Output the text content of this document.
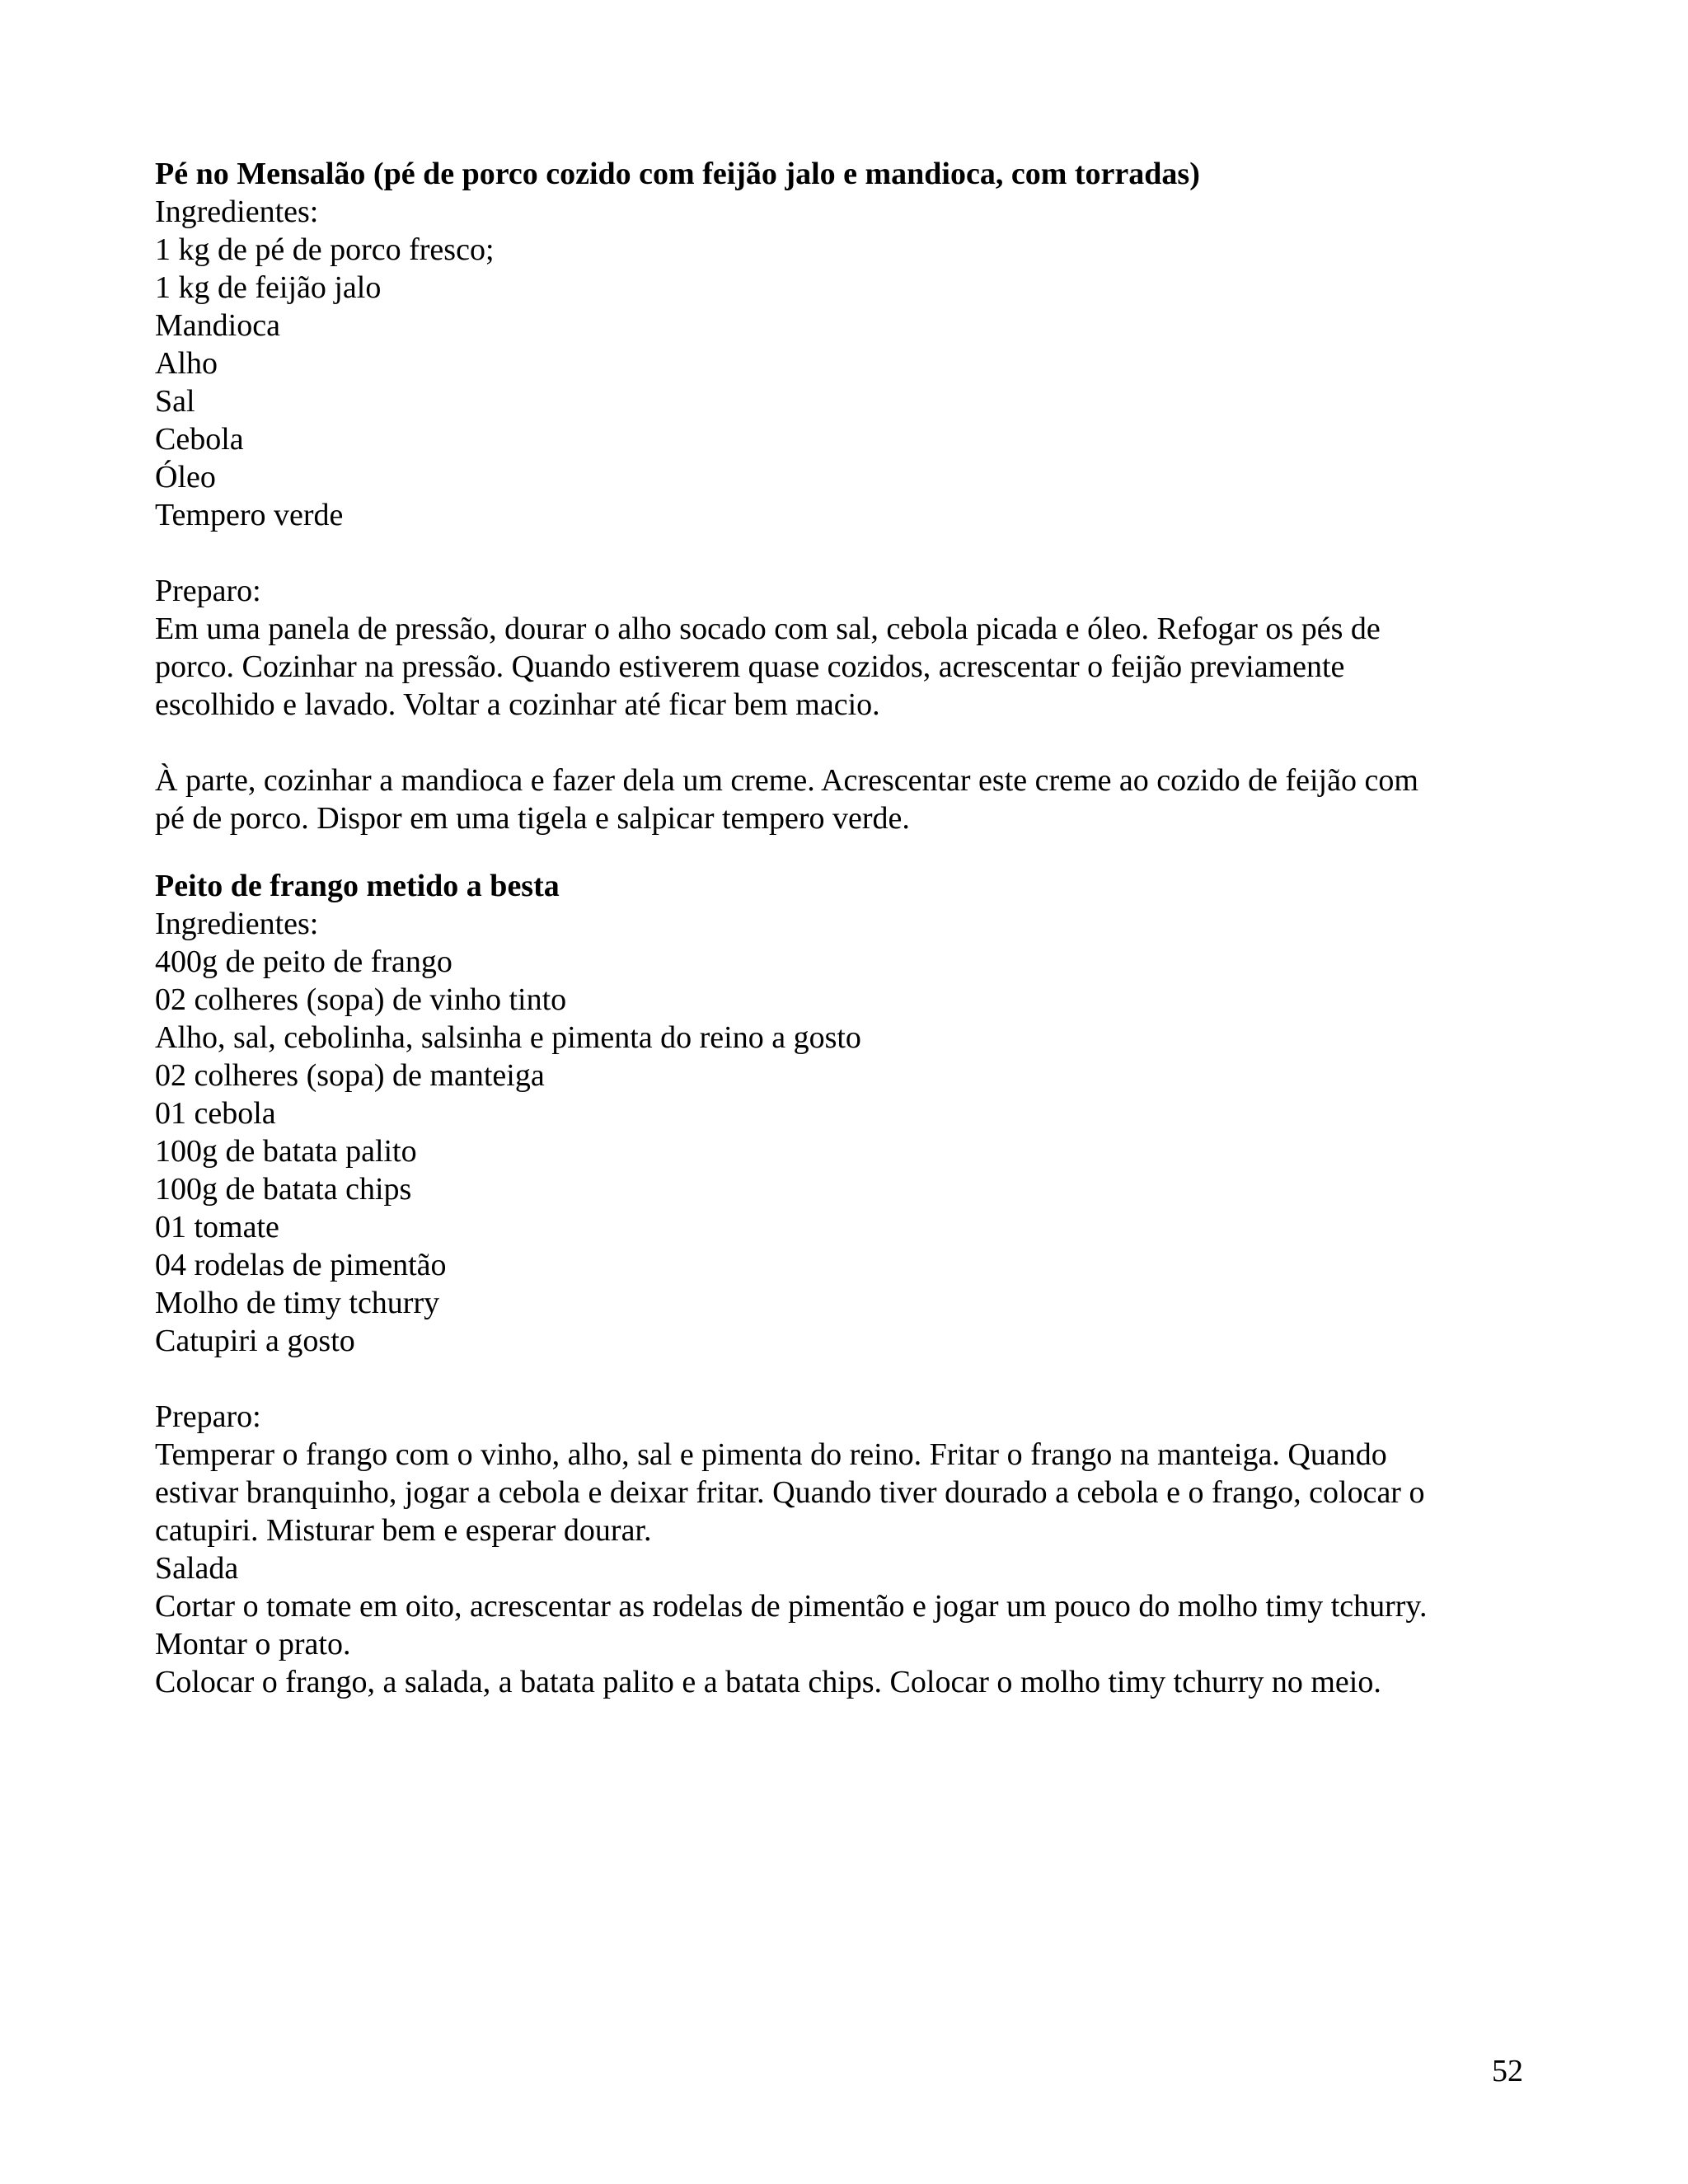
Pé no Mensalão (pé de porco cozido com feijão jalo e mandioca, com torradas)
Ingredientes:
1 kg de pé de porco fresco;
1 kg de feijão jalo
Mandioca
Alho
Sal
Cebola
Óleo
Tempero verde
Preparo:
Em uma panela de pressão, dourar o alho socado com sal, cebola picada e óleo. Refogar os pés de
porco. Cozinhar na pressão. Quando estiverem quase cozidos, acrescentar o feijão previamente
escolhido e lavado. Voltar a cozinhar até ficar bem macio.
À parte, cozinhar a mandioca e fazer dela um creme. Acrescentar este creme ao cozido de feijão com
pé de porco. Dispor em uma tigela e salpicar tempero verde.
Peito de frango metido a besta
Ingredientes:
400g de peito de frango
02 colheres (sopa) de vinho tinto
Alho, sal, cebolinha, salsinha e pimenta do reino a gosto
02 colheres (sopa) de manteiga
01 cebola
100g de batata palito
100g de batata chips
01 tomate
04 rodelas de pimentão
Molho de timy tchurry
Catupiri a gosto
Preparo:
Temperar o frango com o vinho, alho, sal e pimenta do reino. Fritar o frango na manteiga. Quando
estivar branquinho, jogar a cebola e deixar fritar. Quando tiver dourado a cebola e o frango, colocar o
catupiri. Misturar bem e esperar dourar.
Salada
Cortar o tomate em oito, acrescentar as rodelas de pimentão e jogar um pouco do molho timy tchurry.
Montar o prato.
Colocar o frango, a salada, a batata palito e a batata chips. Colocar o molho timy tchurry no meio.
52
